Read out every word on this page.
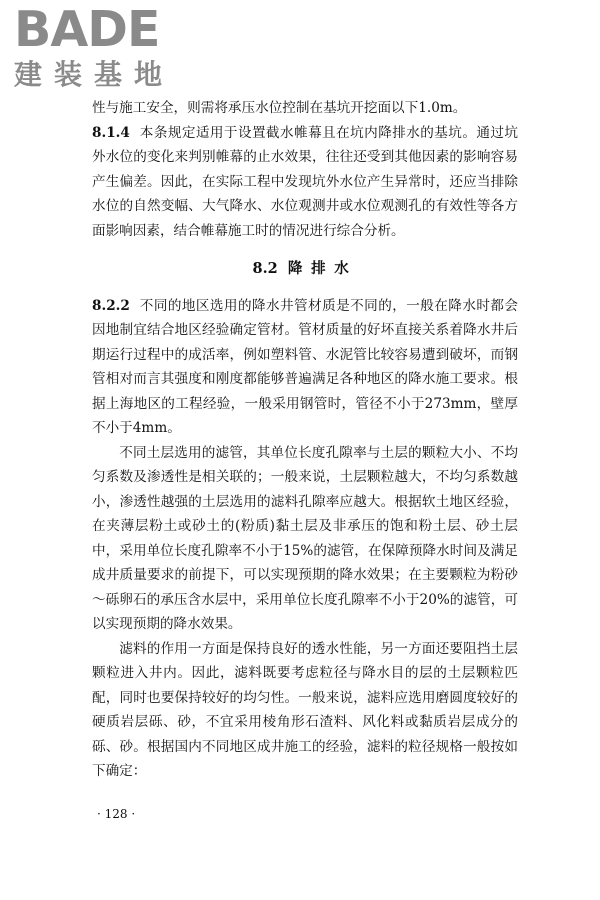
BADE
建装基地

性与施工安全，则需将承压水位控制在基坑开挖面以下1.0m。

8.1.4 本条规定适用于设置截水帷幕且在坑内降排水的基坑。通过坑外水位的变化来判别帷幕的止水效果，往往还受到其他因素的影响容易产生偏差。因此，在实际工程中发现坑外水位产生异常时，还应当排除水位的自然变幅、大气降水、水位观测井或水位观测孔的有效性等各方面影响因素，结合帷幕施工时的情况进行综合分析。

8.2 降排水

8.2.2 不同的地区选用的降水井管材质是不同的，一般在降水时都会因地制宜结合地区经验确定管材。管材质量的好坏直接关系着降水井后期运行过程中的成活率，例如塑料管、水泥管比较容易遭到破坏，而钢管相对而言其强度和刚度都能够普遍满足各种地区的降水施工要求。根据上海地区的工程经验，一般采用钢管时，管径不小于273mm，壁厚不小于4mm。

不同土层选用的滤管，其单位长度孔隙率与土层的颗粒大小、不均匀系数及渗透性是相关联的；一般来说，土层颗粒越大，不均匀系数越小，渗透性越强的土层选用的滤料孔隙率应越大。根据软土地区经验，在夹薄层粉土或砂土的(粉质)黏土层及非承压的饱和粉土层、砂土层中，采用单位长度孔隙率不小于15%的滤管，在保障预降水时间及满足成井质量要求的前提下，可以实现预期的降水效果；在主要颗粒为粉砂～砾卵石的承压含水层中，采用单位长度孔隙率不小于20%的滤管，可以实现预期的降水效果。

滤料的作用一方面是保持良好的透水性能，另一方面还要阻挡土层颗粒进入井内。因此，滤料既要考虑粒径与降水目的层的土层颗粒匹配，同时也要保持较好的均匀性。一般来说，滤料应选用磨圆度较好的硬质岩层砾、砂，不宜采用棱角形石渣料、风化料或黏质岩层成分的砾、砂。根据国内不同地区成井施工的经验，滤料的粒径规格一般按如下确定：

· 128 ·
